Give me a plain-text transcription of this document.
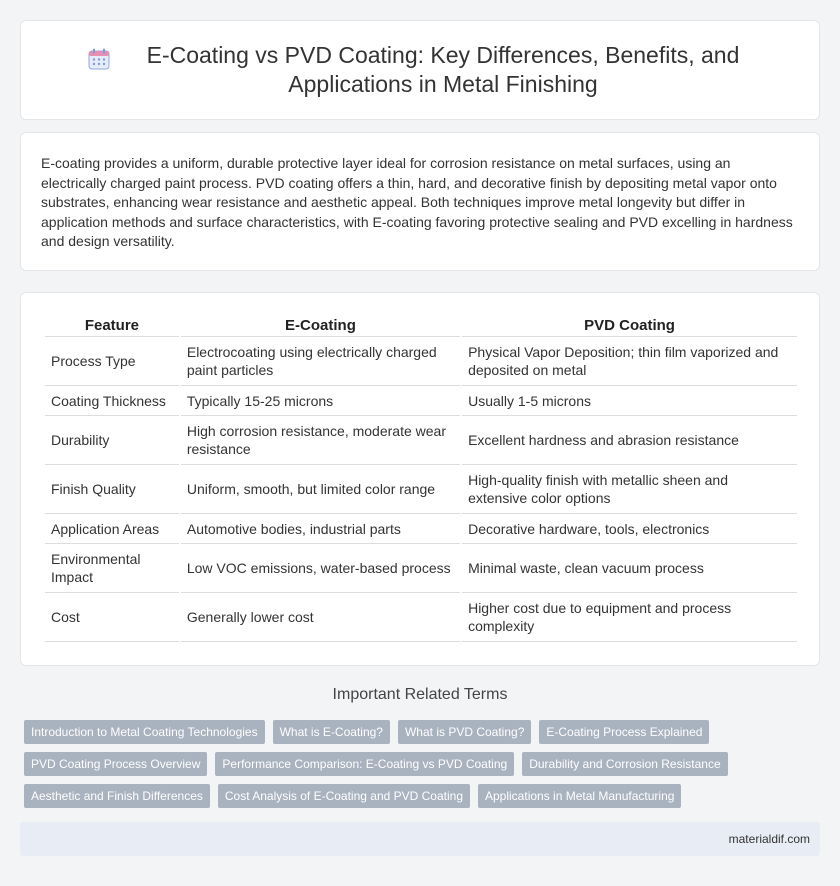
E-Coating vs PVD Coating: Key Differences, Benefits, and Applications in Metal Finishing

E-coating provides a uniform, durable protective layer ideal for corrosion resistance on metal surfaces, using an electrically charged paint process. PVD coating offers a thin, hard, and decorative finish by depositing metal vapor onto substrates, enhancing wear resistance and aesthetic appeal. Both techniques improve metal longevity but differ in application methods and surface characteristics, with E-coating favoring protective sealing and PVD excelling in hardness and design versatility.

Feature	E-Coating	PVD Coating
Process Type	Electrocoating using electrically charged paint particles	Physical Vapor Deposition; thin film vaporized and deposited on metal
Coating Thickness	Typically 15-25 microns	Usually 1-5 microns
Durability	High corrosion resistance, moderate wear resistance	Excellent hardness and abrasion resistance
Finish Quality	Uniform, smooth, but limited color range	High-quality finish with metallic sheen and extensive color options
Application Areas	Automotive bodies, industrial parts	Decorative hardware, tools, electronics
Environmental Impact	Low VOC emissions, water-based process	Minimal waste, clean vacuum process
Cost	Generally lower cost	Higher cost due to equipment and process complexity
Important Related Terms
Introduction to Metal Coating Technologies	What is E-Coating?	What is PVD Coating?	E-Coating Process Explained
PVD Coating Process Overview	Performance Comparison: E-Coating vs PVD Coating	Durability and Corrosion Resistance
Aesthetic and Finish Differences	Cost Analysis of E-Coating and PVD Coating	Applications in Metal Manufacturing
materialdif.com
